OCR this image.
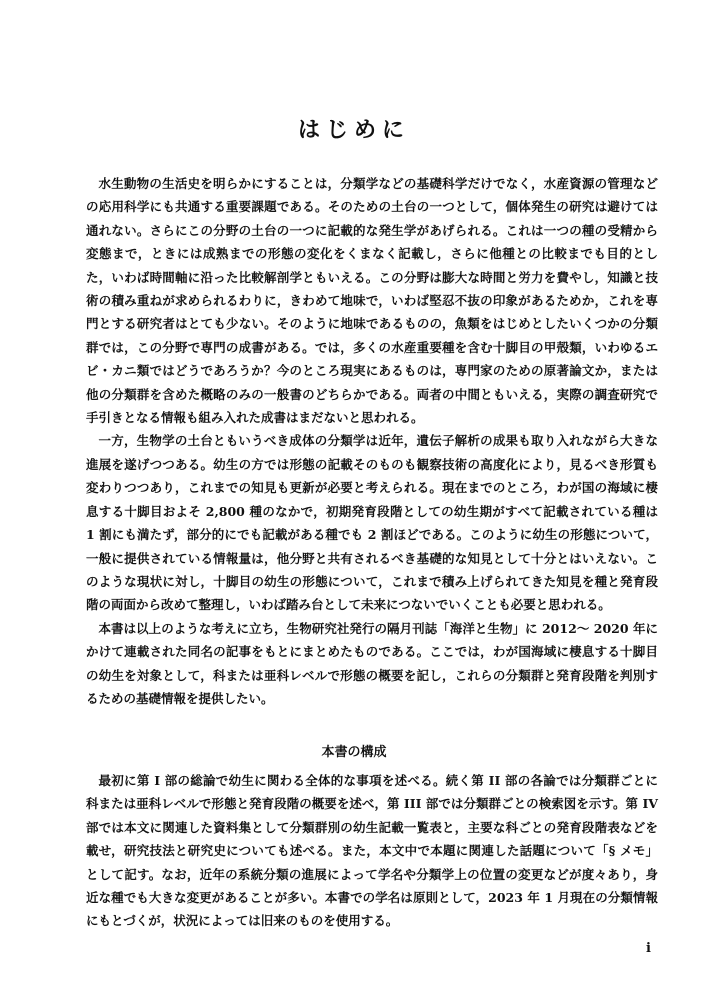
はじめに

水生動物の生活史を明らかにすることは，分類学などの基礎科学だけでなく，水産資源の管理などの応用科学にも共通する重要課題である。そのための土台の一つとして，個体発生の研究は避けては通れない。さらにこの分野の土台の一つに記載的な発生学があげられる。これは一つの種の受精から変態まで，ときには成熟までの形態の変化をくまなく記載し，さらに他種との比較までも目的とした，いわば時間軸に沿った比較解剖学ともいえる。この分野は膨大な時間と労力を費やし，知識と技術の積み重ねが求められるわりに，きわめて地味で，いわば堅忍不抜の印象があるためか，これを専門とする研究者はとても少ない。そのように地味であるものの，魚類をはじめとしたいくつかの分類群では，この分野で専門の成書がある。では，多くの水産重要種を含む十脚目の甲殻類，いわゆるエビ・カニ類ではどうであろうか？今のところ現実にあるものは，専門家のための原著論文か，または他の分類群を含めた概略のみの一般書のどちらかである。両者の中間ともいえる，実際の調査研究で手引きとなる情報も組み入れた成書はまだないと思われる。

一方，生物学の土台ともいうべき成体の分類学は近年，遺伝子解析の成果も取り入れながら大きな進展を遂げつつある。幼生の方では形態の記載そのものも観察技術の高度化により，見るべき形質も変わりつつあり，これまでの知見も更新が必要と考えられる。現在までのところ，わが国の海域に棲息する十脚目およそ 2,800 種のなかで，初期発育段階としての幼生期がすべて記載されている種は 1 割にも満たず，部分的にでも記載がある種でも 2 割ほどである。このように幼生の形態について，一般に提供されている情報量は，他分野と共有されるべき基礎的な知見として十分とはいえない。このような現状に対し，十脚目の幼生の形態について，これまで積み上げられてきた知見を種と発育段階の両面から改めて整理し，いわば踏み台として未来につないでいくことも必要と思われる。

本書は以上のような考えに立ち，生物研究社発行の隔月刊誌「海洋と生物」に 2012～ 2020 年にかけて連載された同名の記事をもとにまとめたものである。ここでは，わが国海域に棲息する十脚目の幼生を対象として，科または亜科レベルで形態の概要を記し，これらの分類群と発育段階を判別するための基礎情報を提供したい。

本書の構成

最初に第 I 部の総論で幼生に関わる全体的な事項を述べる。続く第 II 部の各論では分類群ごとに科または亜科レベルで形態と発育段階の概要を述べ，第 III 部では分類群ごとの検索図を示す。第 IV 部では本文に関連した資料集として分類群別の幼生記載一覧表と，主要な科ごとの発育段階表などを載せ，研究技法と研究史についても述べる。また，本文中で本題に関連した話題について「§ メモ」として記す。なお，近年の系統分類の進展によって学名や分類学上の位置の変更などが度々あり，身近な種でも大きな変更があることが多い。本書での学名は原則として，2023 年 1 月現在の分類情報にもとづくが，状況によっては旧来のものを使用する。

i
